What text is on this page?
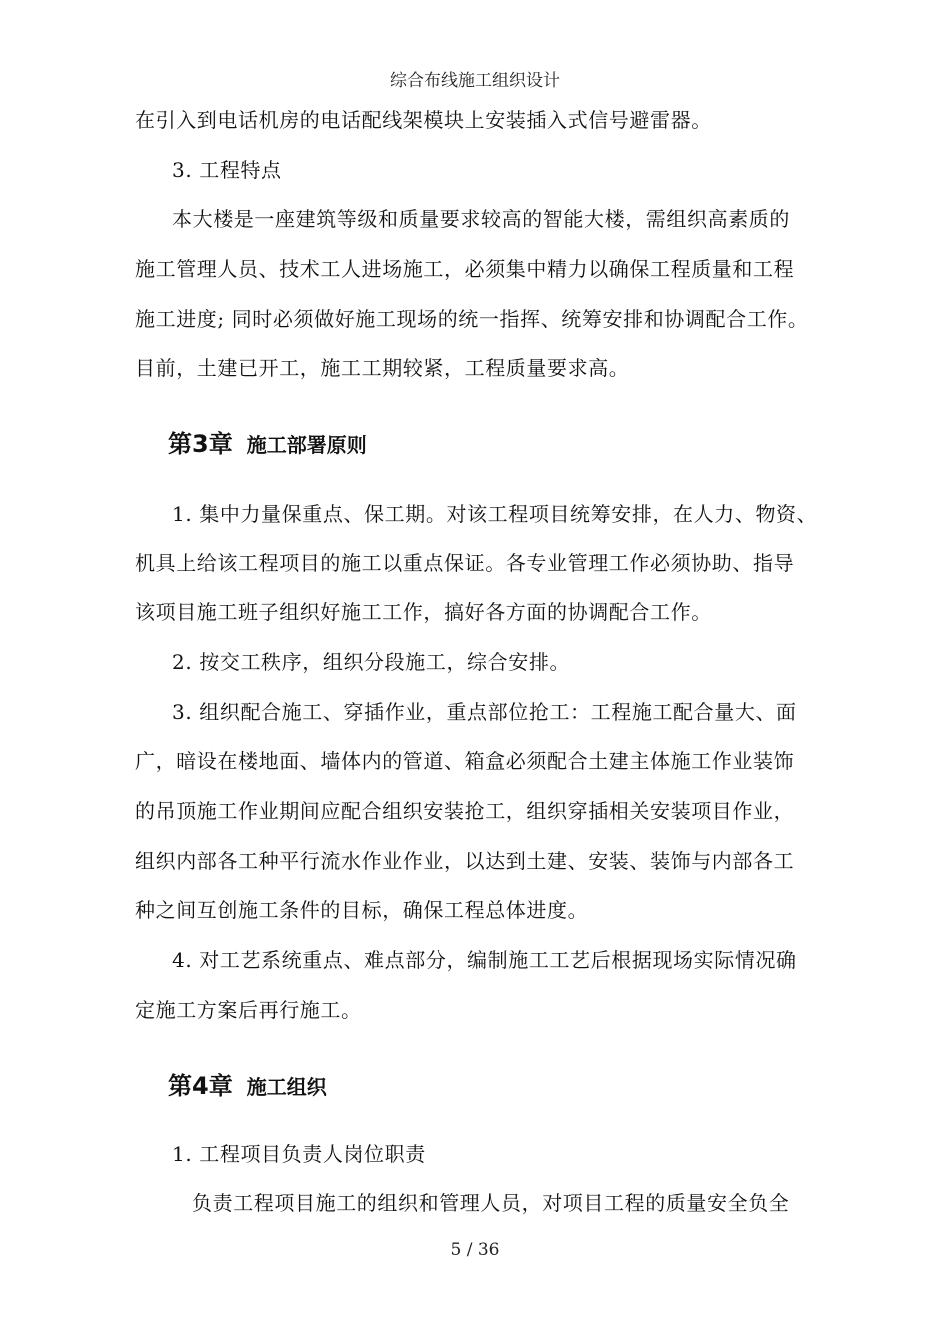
综合布线施工组织设计
在引入到电话机房的电话配线架模块上安装插入式信号避雷器。
3. 工程特点
本大楼是一座建筑等级和质量要求较高的智能大楼，需组织高素质的
施工管理人员、技术工人进场施工，必须集中精力以确保工程质量和工程
施工进度; 同时必须做好施工现场的统一指挥、统筹安排和协调配合工作。
目前，土建已开工，施工工期较紧，工程质量要求高。
第3章 施工部署原则
1. 集中力量保重点、保工期。对该工程项目统筹安排，在人力、物资、
机具上给该工程项目的施工以重点保证。各专业管理工作必须协助、指导
该项目施工班子组织好施工工作，搞好各方面的协调配合工作。
2. 按交工秩序，组织分段施工，综合安排。
3. 组织配合施工、穿插作业，重点部位抢工：工程施工配合量大、面
广，暗设在楼地面、墙体内的管道、箱盒必须配合土建主体施工作业装饰
的吊顶施工作业期间应配合组织安装抢工，组织穿插相关安装项目作业，
组织内部各工种平行流水作业作业，以达到土建、安装、装饰与内部各工
种之间互创施工条件的目标，确保工程总体进度。
4. 对工艺系统重点、难点部分，编制施工工艺后根据现场实际情况确
定施工方案后再行施工。
第4章 施工组织
1. 工程项目负责人岗位职责
负责工程项目施工的组织和管理人员，对项目工程的质量安全负全
5 / 36
